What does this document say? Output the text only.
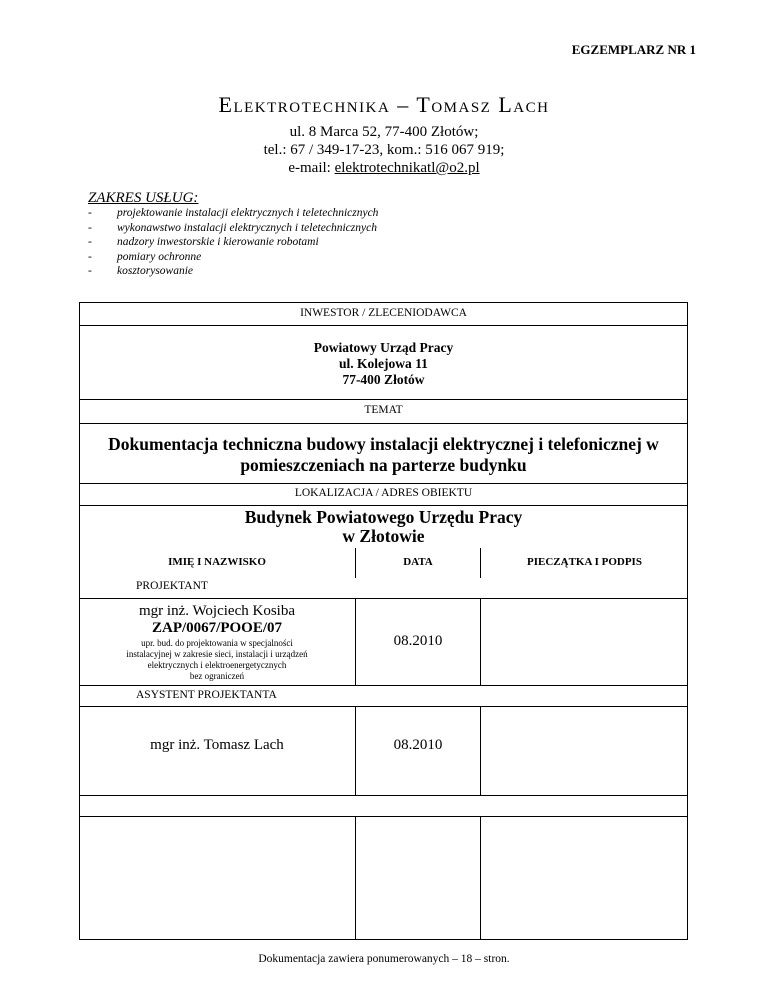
EGZEMPLARZ NR 1
Elektrotechnika – Tomasz Lach
ul. 8 Marca 52, 77-400 Złotów;
tel.: 67 / 349-17-23, kom.: 516 067 919;
e-mail: elektrotechnikatl@o2.pl
ZAKRES USŁUG:
- projektowanie instalacji elektrycznych i teletechnicznych
- wykonawstwo instalacji elektrycznych i teletechnicznych
- nadzory inwestorskie i kierowanie robotami
- pomiary ochronne
- kosztorysowanie
INWESTOR / ZLECENIODAWCA
Powiatowy Urząd Pracy
ul. Kolejowa 11
77-400 Złotów
TEMAT
Dokumentacja techniczna budowy instalacji elektrycznej i telefonicznej w
pomieszczeniach na parterze budynku
LOKALIZACJA / ADRES OBIEKTU
Budynek Powiatowego Urzędu Pracy
w Złotowie
IMIĘ I NAZWISKO	DATA	PIECZĄTKA I PODPIS
PROJEKTANT
mgr inż. Wojciech Kosiba
ZAP/0067/POOE/07
upr. bud. do projektowania w specjalności
instalacyjnej w zakresie sieci, instalacji i urządzeń
elektrycznych i elektroenergetycznych
bez ograniczeń
08.2010
ASYSTENT PROJEKTANTA
mgr inż. Tomasz Lach	08.2010
Dokumentacja zawiera ponumerowanych – 18 – stron.
